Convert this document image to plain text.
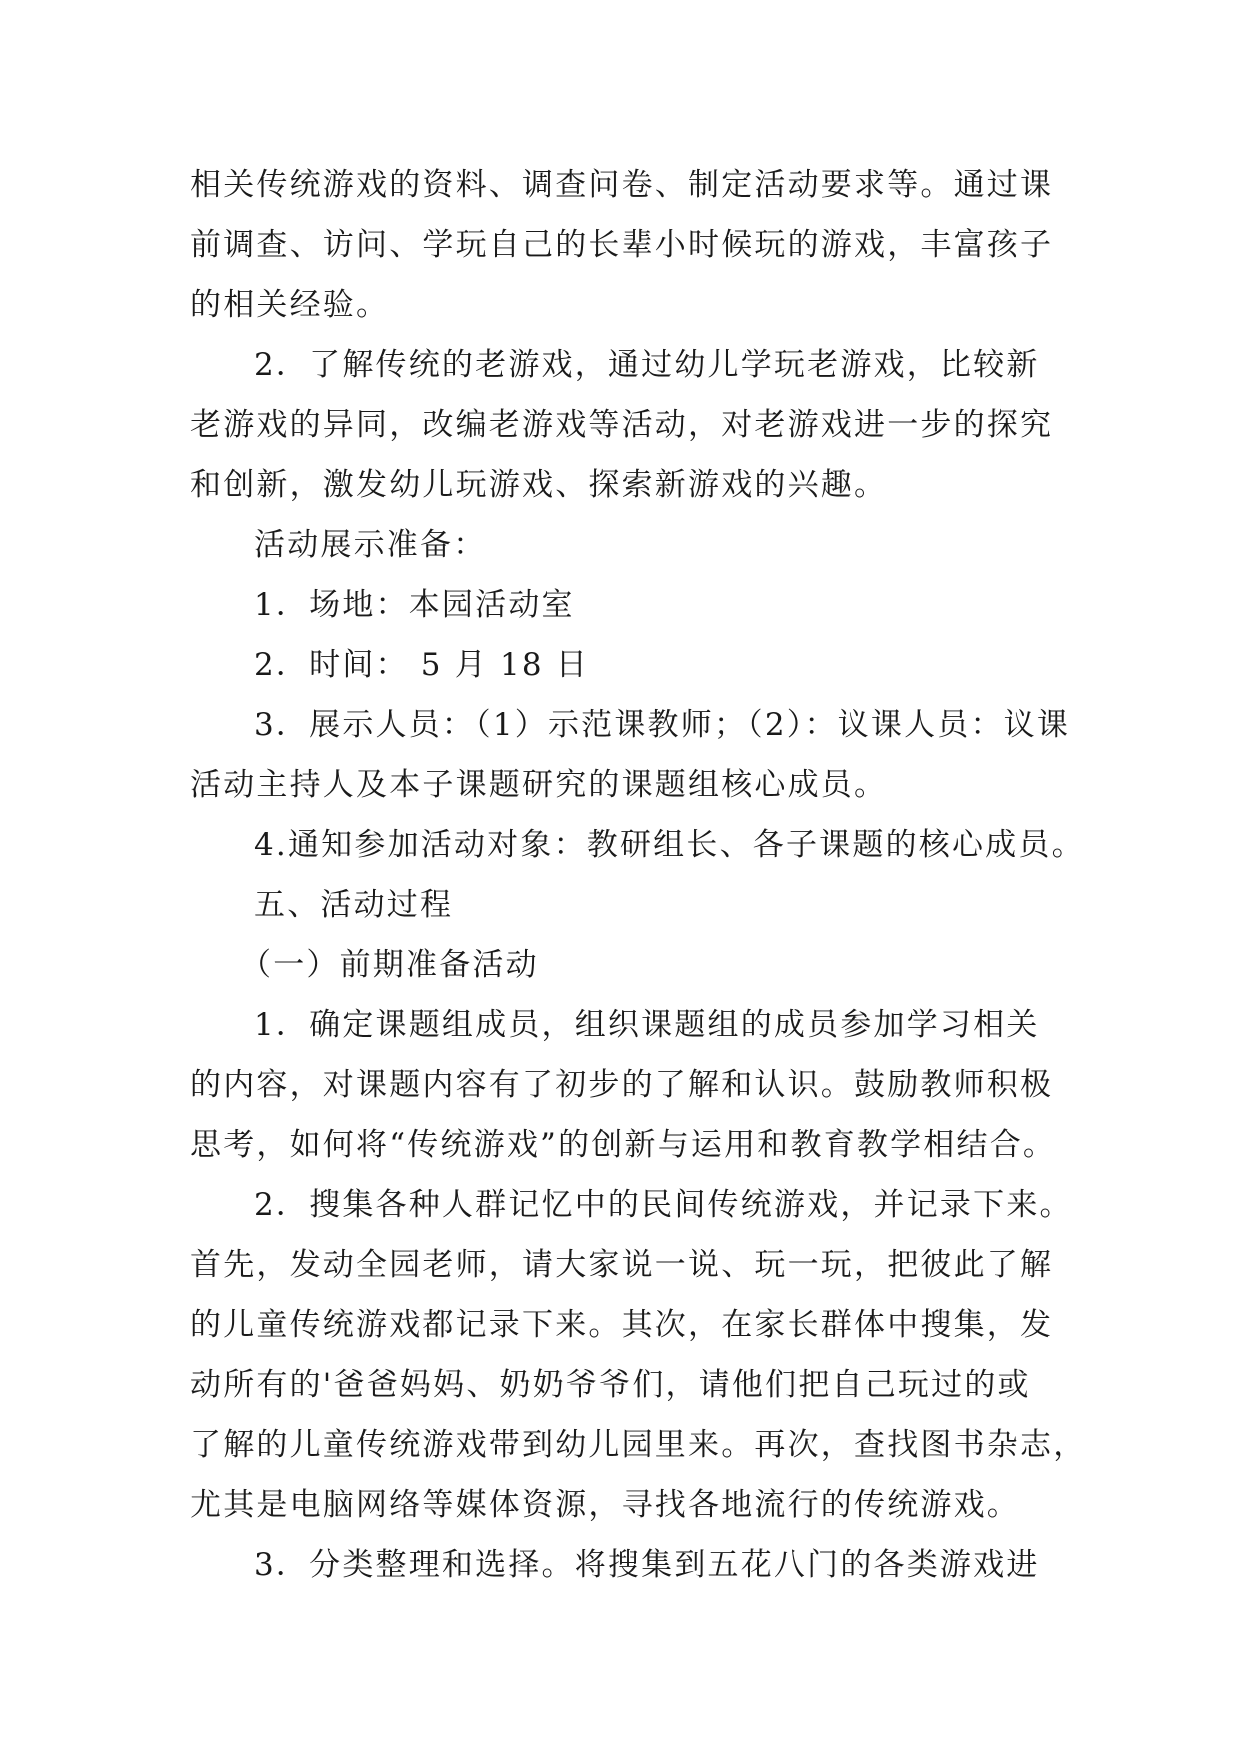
相关传统游戏的资料、调查问卷、制定活动要求等。通过课
前调查、访问、学玩自己的长辈小时候玩的游戏，丰富孩子
的相关经验。
2．了解传统的老游戏，通过幼儿学玩老游戏，比较新
老游戏的异同，改编老游戏等活动，对老游戏进一步的探究
和创新，激发幼儿玩游戏、探索新游戏的兴趣。
活动展示准备：
1．场地：本园活动室
2．时间： 5 月 18 日
3．展示人员：（1）示范课教师；（2）：议课人员：议课
活动主持人及本子课题研究的课题组核心成员。
4.通知参加活动对象：教研组长、各子课题的核心成员。
五、活动过程
（一）前期准备活动
1．确定课题组成员，组织课题组的成员参加学习相关
的内容，对课题内容有了初步的了解和认识。鼓励教师积极
思考，如何将“传统游戏”的创新与运用和教育教学相结合。
2．搜集各种人群记忆中的民间传统游戏，并记录下来。
首先，发动全园老师，请大家说一说、玩一玩，把彼此了解
的儿童传统游戏都记录下来。其次，在家长群体中搜集，发
动所有的'爸爸妈妈、奶奶爷爷们，请他们把自己玩过的或
了解的儿童传统游戏带到幼儿园里来。再次，查找图书杂志，
尤其是电脑网络等媒体资源，寻找各地流行的传统游戏。
3．分类整理和选择。将搜集到五花八门的各类游戏进
